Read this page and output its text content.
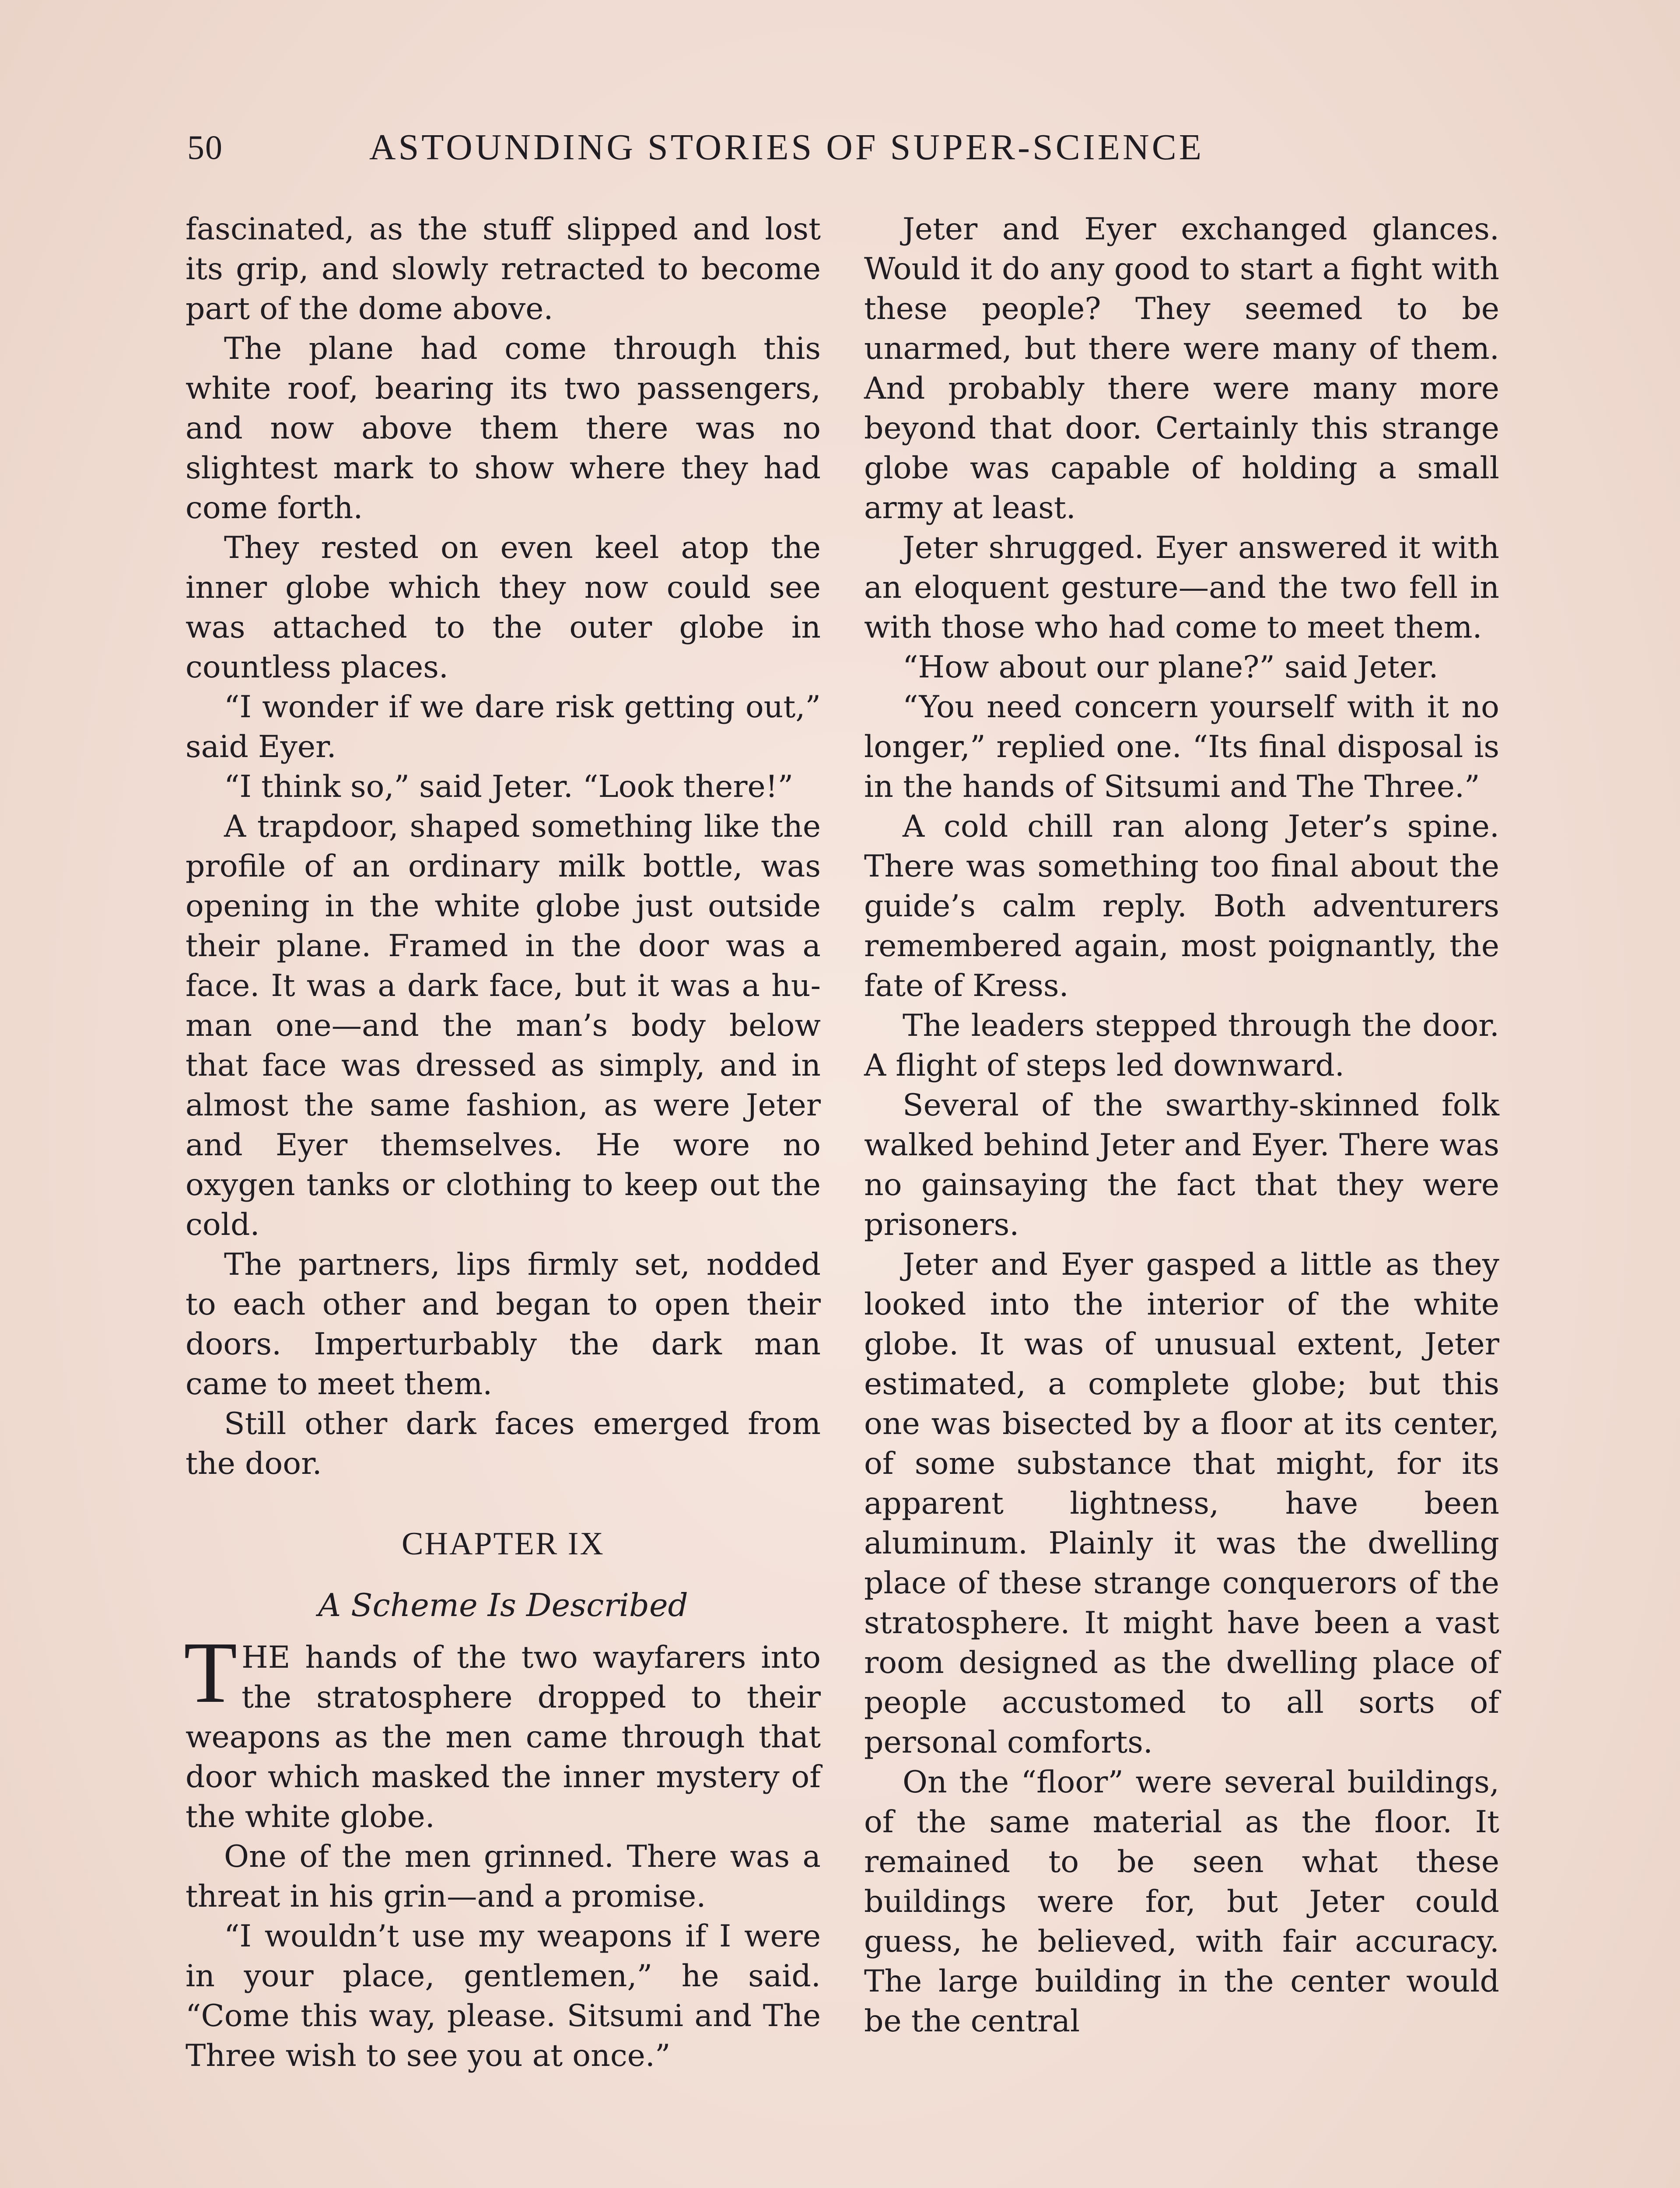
50	ASTOUNDING STORIES OF SUPER-SCIENCE

fascinated, as the stuff slipped and lost its grip, and slowly retracted to become part of the dome above.

The plane had come through this white roof, bearing its two passengers, and now above them there was no slightest mark to show where they had come forth.

They rested on even keel atop the inner globe which they now could see was attached to the outer globe in countless places.

“I wonder if we dare risk getting out,” said Eyer.

“I think so,” said Jeter. “Look there!”

A trapdoor, shaped something like the profile of an ordinary milk bottle, was opening in the white globe just outside their plane. Framed in the door was a face. It was a dark face, but it was a human one—and the man’s body below that face was dressed as simply, and in almost the same fashion, as were Jeter and Eyer themselves. He wore no oxygen tanks or clothing to keep out the cold.

The partners, lips firmly set, nodded to each other and began to open their doors. Imperturbably the dark man came to meet them.

Still other dark faces emerged from the door.

CHAPTER IX
A Scheme Is Described

THE hands of the two wayfarers into the stratosphere dropped to their weapons as the men came through that door which masked the inner mystery of the white globe.

One of the men grinned. There was a threat in his grin—and a promise.

“I wouldn’t use my weapons if I were in your place, gentlemen,” he said. “Come this way, please. Sitsumi and The Three wish to see you at once.”

Jeter and Eyer exchanged glances. Would it do any good to start a fight with these people? They seemed to be unarmed, but there were many of them. And probably there were many more beyond that door. Certainly this strange globe was capable of holding a small army at least.

Jeter shrugged. Eyer answered it with an eloquent gesture—and the two fell in with those who had come to meet them.

“How about our plane?” said Jeter.

“You need concern yourself with it no longer,” replied one. “Its final disposal is in the hands of Sitsumi and The Three.”

A cold chill ran along Jeter’s spine. There was something too final about the guide’s calm reply. Both adventurers remembered again, most poignantly, the fate of Kress.

The leaders stepped through the door. A flight of steps led downward.

Several of the swarthy-skinned folk walked behind Jeter and Eyer. There was no gainsaying the fact that they were prisoners.

Jeter and Eyer gasped a little as they looked into the interior of the white globe. It was of unusual extent, Jeter estimated, a complete globe; but this one was bisected by a floor at its center, of some substance that might, for its apparent lightness, have been aluminum. Plainly it was the dwelling place of these strange conquerors of the stratosphere. It might have been a vast room designed as the dwelling place of people accustomed to all sorts of personal comforts.

On the “floor” were several buildings, of the same material as the floor. It remained to be seen what these buildings were for, but Jeter could guess, he believed, with fair accuracy. The large building in the center would be the central
